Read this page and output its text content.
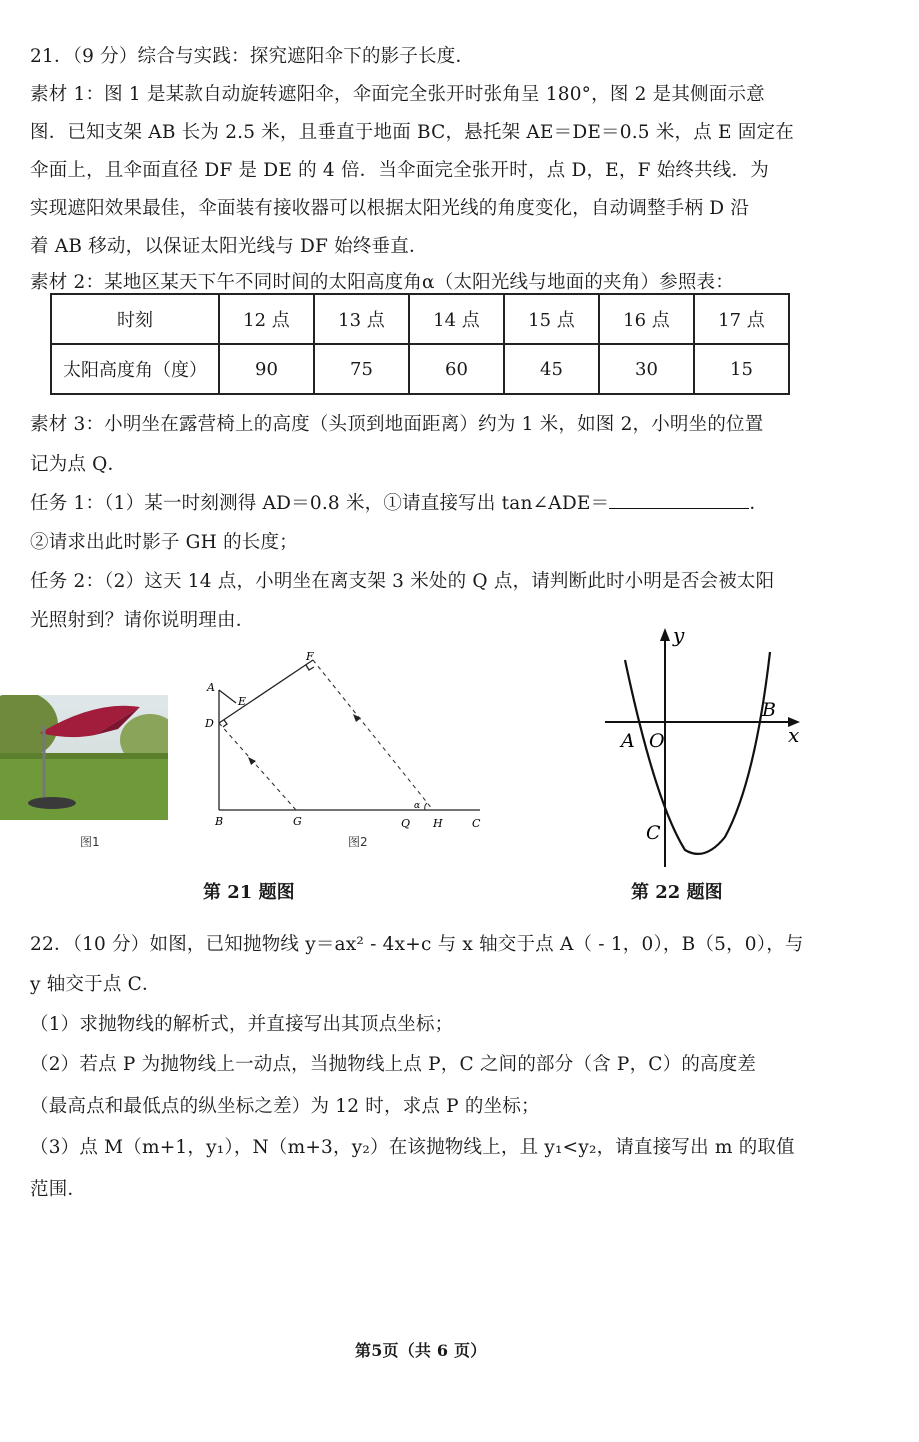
21．（9 分）综合与实践：探究遮阳伞下的影子长度．
素材 1：图 1 是某款自动旋转遮阳伞，伞面完全张开时张角呈 180°，图 2 是其侧面示意
图．已知支架 AB 长为 2.5 米，且垂直于地面 BC，悬托架 AE＝DE＝0.5 米，点 E 固定在
伞面上，且伞面直径 DF 是 DE 的 4 倍．当伞面完全张开时，点 D，E，F 始终共线．为
实现遮阳效果最佳，伞面装有接收器可以根据太阳光线的角度变化，自动调整手柄 D 沿
着 AB 移动，以保证太阳光线与 DF 始终垂直．
素材 2：某地区某天下午不同时间的太阳高度角α（太阳光线与地面的夹角）参照表：
时刻	12 点	13 点	14 点	15 点	16 点	17 点
太阳高度角（度）	90	75	60	45	30	15
素材 3：小明坐在露营椅上的高度（头顶到地面距离）约为 1 米，如图 2，小明坐的位置
记为点 Q．
任务 1：（1）某一时刻测得 AD＝0.8 米，①请直接写出 tan∠ADE＝	．
②请求出此时影子 GH 的长度；
任务 2：（2）这天 14 点，小明坐在离支架 3 米处的 Q 点，请判断此时小明是否会被太阳
光照射到？请你说明理由．
图1
A
E
D
F
B	G	Q H	C
α
图2
第 21 题图
y
x
A O
B
C
第 22 题图
22．（10 分）如图，已知抛物线 y＝ax² - 4x+c 与 x 轴交于点 A（ - 1，0），B（5，0），与
y 轴交于点 C．
（1）求抛物线的解析式，并直接写出其顶点坐标；
（2）若点 P 为抛物线上一动点，当抛物线上点 P，C 之间的部分（含 P，C）的高度差
（最高点和最低点的纵坐标之差）为 12 时，求点 P 的坐标；
（3）点 M（m+1，y₁），N（m+3，y₂）在该抛物线上，且 y₁<y₂，请直接写出 m 的取值
范围．
第5页（共 6 页）
